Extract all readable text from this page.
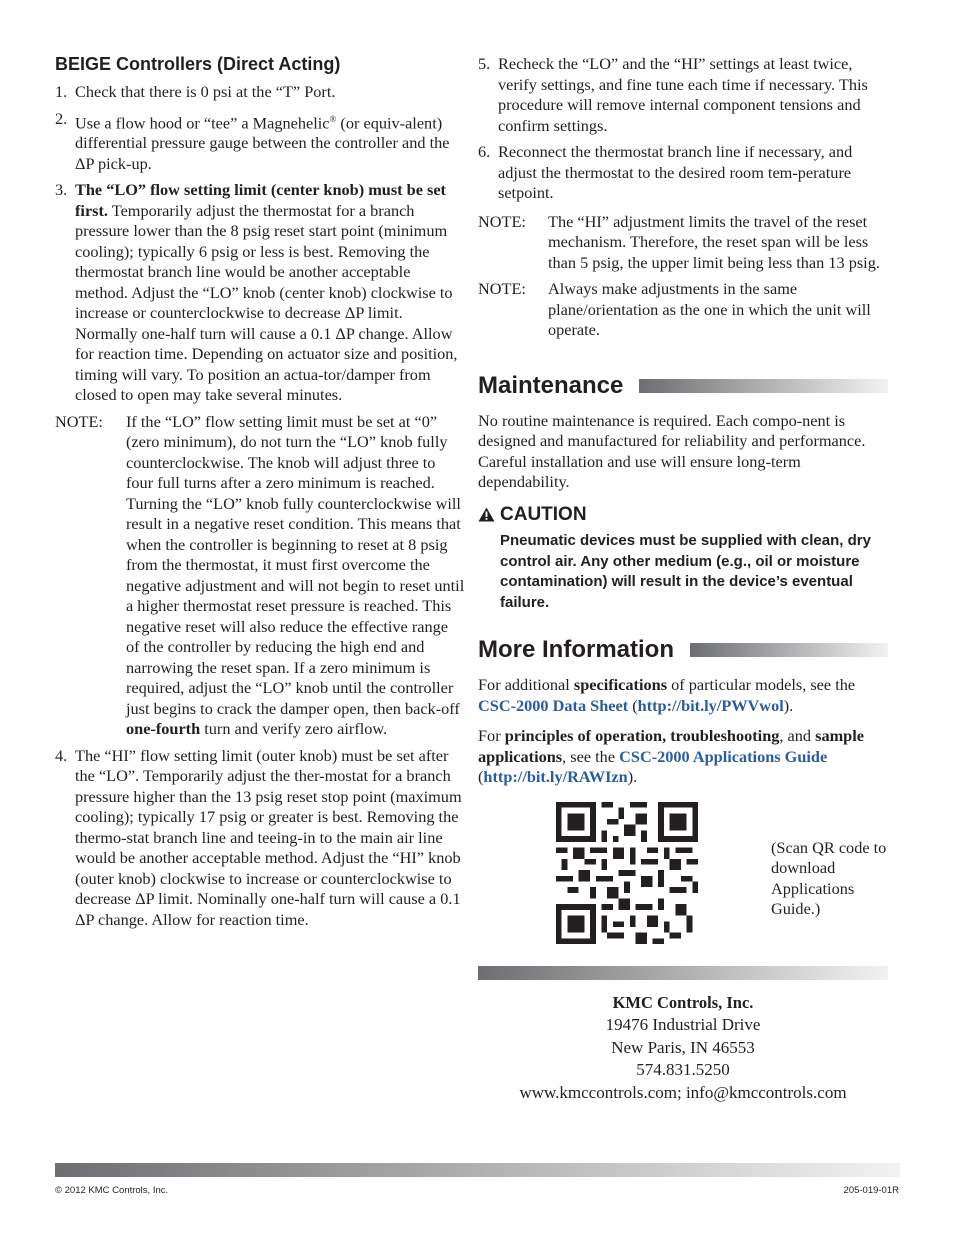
BEIGE Controllers (Direct Acting)
1. Check that there is 0 psi at the “T” Port.
2. Use a flow hood or “tee” a Magnehelic® (or equiv-alent) differential pressure gauge between the controller and the ΔP pick-up.
3. The “LO” flow setting limit (center knob) must be set first. Temporarily adjust the thermostat for a branch pressure lower than the 8 psig reset start point (minimum cooling); typically 6 psig or less is best. Removing the thermostat branch line would be another acceptable method. Adjust the “LO” knob (center knob) clockwise to increase or counterclockwise to decrease ΔP limit. Normally one-half turn will cause a 0.1 ΔP change. Allow for reaction time. Depending on actuator size and position, timing will vary. To position an actua-tor/damper from closed to open may take several minutes.
NOTE: If the “LO” flow setting limit must be set at “0” (zero minimum), do not turn the “LO” knob fully counterclockwise. The knob will adjust three to four full turns after a zero minimum is reached. Turning the “LO” knob fully counterclockwise will result in a negative reset condition. This means that when the controller is beginning to reset at 8 psig from the thermostat, it must first overcome the negative adjustment and will not begin to reset until a higher thermostat reset pressure is reached. This negative reset will also reduce the effective range of the controller by reducing the high end and narrowing the reset span. If a zero minimum is required, adjust the “LO” knob until the controller just begins to crack the damper open, then back-off one-fourth turn and verify zero airflow.
4. The “HI” flow setting limit (outer knob) must be set after the “LO”. Temporarily adjust the ther-mostat for a branch pressure higher than the 13 psig reset stop point (maximum cooling); typically 17 psig or greater is best. Removing the thermo-stat branch line and teeing-in to the main air line would be another acceptable method. Adjust the “HI” knob (outer knob) clockwise to increase or counterclockwise to decrease ΔP limit. Nominally one-half turn will cause a 0.1 ΔP change. Allow for reaction time.
5. Recheck the “LO” and the “HI” settings at least twice, verify settings, and fine tune each time if necessary. This procedure will remove internal component tensions and confirm settings.
6. Reconnect the thermostat branch line if necessary, and adjust the thermostat to the desired room tem-perature setpoint.
NOTE: The “HI” adjustment limits the travel of the reset mechanism. Therefore, the reset span will be less than 5 psig, the upper limit being less than 13 psig.
NOTE: Always make adjustments in the same plane/orientation as the one in which the unit will operate.
Maintenance

No routine maintenance is required. Each compo-nent is designed and manufactured for reliability and performance. Careful installation and use will ensure long-term dependability.

CAUTION

Pneumatic devices must be supplied with clean, dry control air. Any other medium (e.g., oil or moisture contamination) will result in the device’s eventual failure.

More Information

For additional specifications of particular models, see the CSC-2000 Data Sheet (http://bit.ly/PWVwol).

For principles of operation, troubleshooting, and sample applications, see the CSC-2000 Applications Guide (http://bit.ly/RAWIzn).

(Scan QR code to download Applications Guide.)
KMC Controls, Inc.
19476 Industrial Drive
New Paris, IN 46553
574.831.5250
www.kmccontrols.com; info@kmccontrols.com
© 2012 KMC Controls, Inc.	205-019-01R
